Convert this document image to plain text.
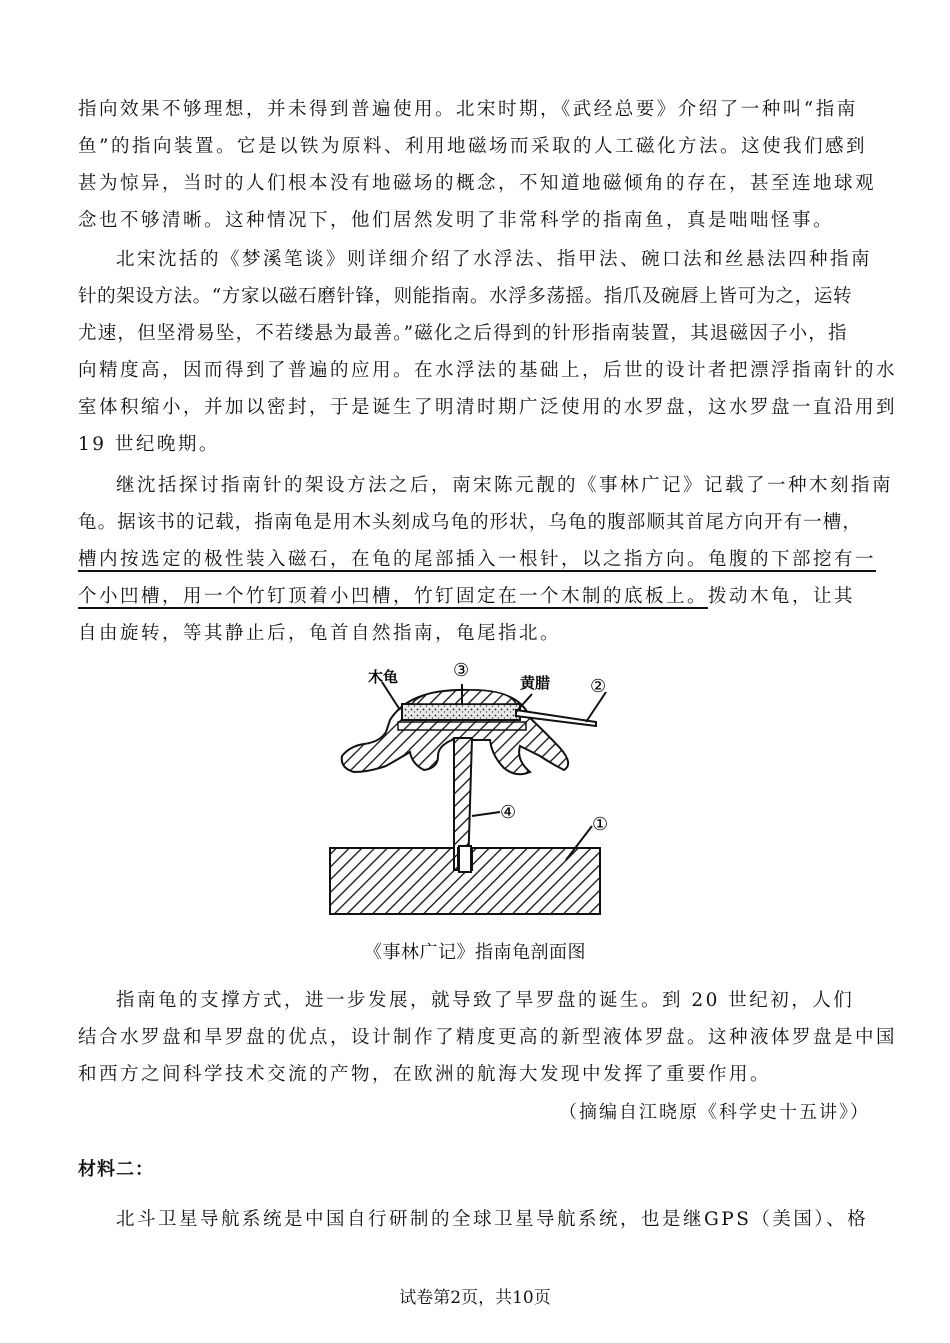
指向效果不够理想，并未得到普遍使用。北宋时期，《武经总要》介绍了一种叫“指南
鱼”的指向装置。它是以铁为原料、利用地磁场而采取的人工磁化方法。这使我们感到
甚为惊异，当时的人们根本没有地磁场的概念，不知道地磁倾角的存在，甚至连地球观
念也不够清晰。这种情况下，他们居然发明了非常科学的指南鱼，真是咄咄怪事。
北宋沈括的《梦溪笔谈》则详细介绍了水浮法、指甲法、碗口法和丝悬法四种指南
针的架设方法。“方家以磁石磨针锋，则能指南。水浮多荡摇。指爪及碗唇上皆可为之，运转
尤速，但坚滑易坠，不若缕悬为最善。”磁化之后得到的针形指南装置，其退磁因子小，指
向精度高，因而得到了普遍的应用。在水浮法的基础上，后世的设计者把漂浮指南针的水
室体积缩小，并加以密封，于是诞生了明清时期广泛使用的水罗盘，这水罗盘一直沿用到
19 世纪晚期。
继沈括探讨指南针的架设方法之后，南宋陈元靓的《事林广记》记载了一种木刻指南
龟。据该书的记载，指南龟是用木头刻成乌龟的形状，乌龟的腹部顺其首尾方向开有一槽，
槽内按选定的极性装入磁石，在龟的尾部插入一根针，以之指方向。龟腹的下部挖有一
个小凹槽，用一个竹钉顶着小凹槽，竹钉固定在一个木制的底板上。拨动木龟，让其
自由旋转，等其静止后，龟首自然指南，龟尾指北。
木龟	黄腊
③
②
④
①
《事林广记》指南龟剖面图
指南龟的支撑方式，进一步发展，就导致了旱罗盘的诞生。到 20 世纪初，人们
结合水罗盘和旱罗盘的优点，设计制作了精度更高的新型液体罗盘。这种液体罗盘是中国
和西方之间科学技术交流的产物，在欧洲的航海大发现中发挥了重要作用。
（摘编自江晓原《科学史十五讲》）
材料二：
北斗卫星导航系统是中国自行研制的全球卫星导航系统，也是继GPS（美国）、格
试卷第2页，共10页
